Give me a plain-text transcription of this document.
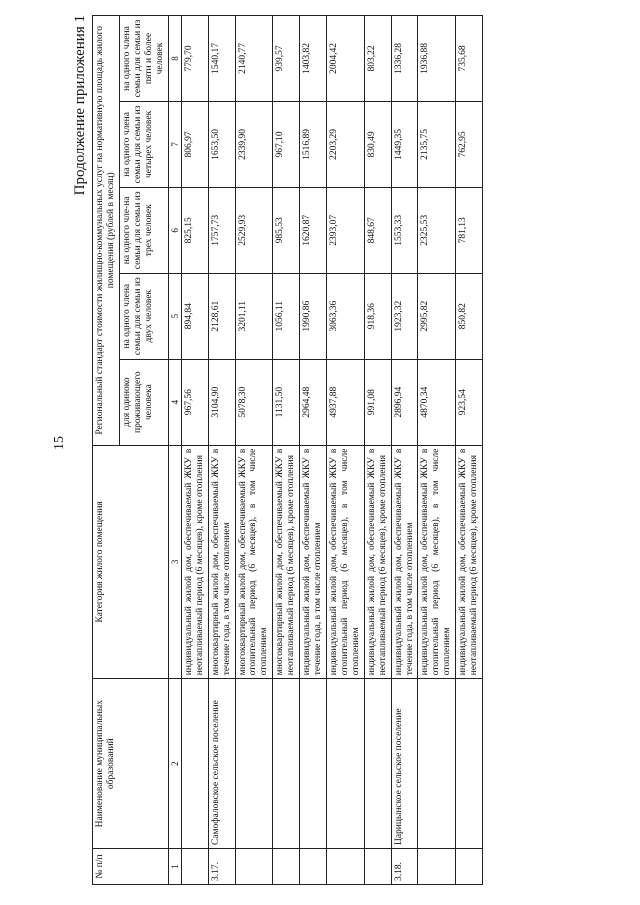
15
Продолжение приложения 1
№ п/п	Наименование муниципальных образований	Категория жилого помещения	Региональный стандарт стоимости жилищно-коммунальных услуг на нормативную площадь жилого помещения (рублей в месяц)				
			для одиноко проживающего человека	на одного члена семьи для семьи из двух человек	на одного чле-на семьи для семьи из трех человек	на одного члена семьи для семьи из четырех человек	на одного члена семьи для семьи из пяти и более человек
1	2	3	4	5	6	7	8
		индивидуальный жилой дом, обеспечиваемый ЖКУ в неотапливаемый период (6 месяцев), кроме отопления	967,56	894,84	825,15	806,97	779,70
3.17.	Самофаловское сельское поселение	многоквартирный жилой дом, обеспечиваемый ЖКУ в течение года, в том числе отоплением	3104,90	2128,61	1757,73	1653,50	1540,17
		многоквартирный жилой дом, обеспечиваемый ЖКУ в отопительный период (6 месяцев), в том числе отоплением	5078,30	3201,11	2529,93	2339,90	2140,77
		многоквартирный жилой дом, обеспечиваемый ЖКУ в неотапливаемый период (6 месяцев), кроме отопления	1131,50	1056,11	985,53	967,10	939,57
		индивидуальный жилой дом, обеспечиваемый ЖКУ в течение года, в том числе отоплением	2964,48	1990,86	1620,87	1516,89	1403,82
		индивидуальный жилой дом, обеспечиваемый ЖКУ в отопительный период (6 месяцев), в том числе отоплением	4937,88	3063,36	2393,07	2203,29	2004,42
		индивидуальный жилой дом, обеспечиваемый ЖКУ в неотапливаемый период (6 месяцев), кроме отопления	991,08	918,36	848,67	830,49	803,22
3.18.	Царицынское сельское поселение	индивидуальный жилой дом, обеспечиваемый ЖКУ в течение года, в том числе отоплением	2896,94	1923,32	1553,33	1449,35	1336,28
		индивидуальный жилой дом, обеспечиваемый ЖКУ в отопительный период (6 месяцев), в том числе отоплением	4870,34	2995,82	2325,53	2135,75	1936,88
		индивидуальный жилой дом, обеспечиваемый ЖКУ в неотапливаемый период (6 месяцев), кроме отопления	923,54	850,82	781,13	762,95	735,68
